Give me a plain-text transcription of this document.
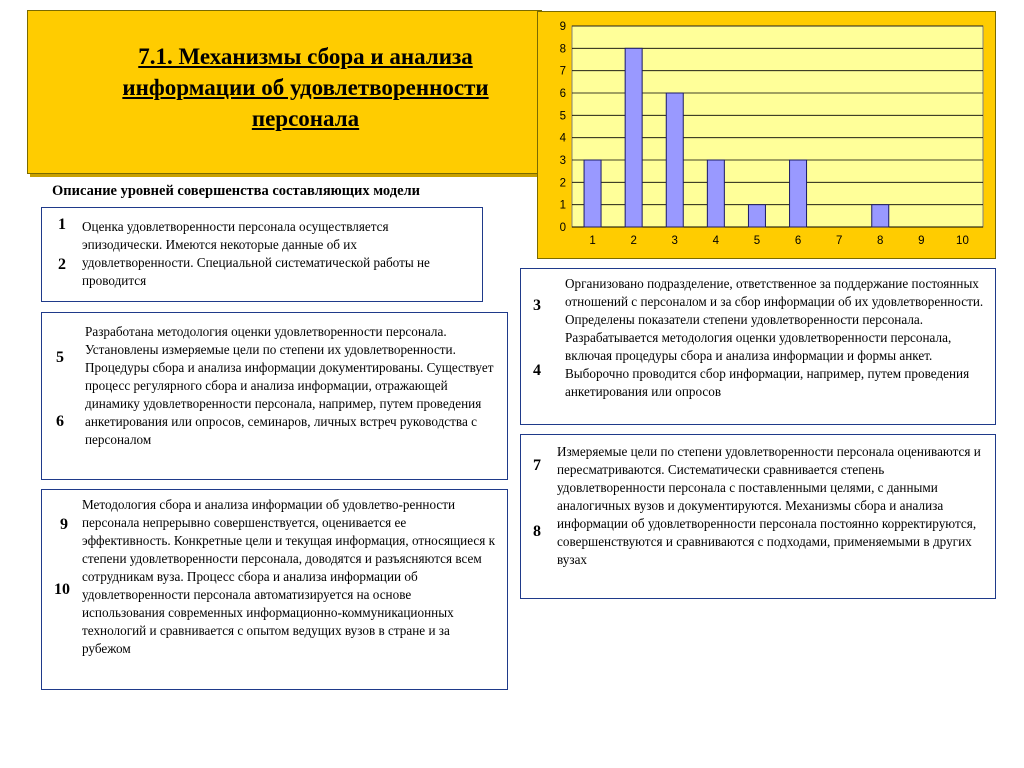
7.1. Механизмы сбора и анализа информации об удовлетворенности персонала
0
1
2
3
4
5
6
7
8
9
1	2	3	4	5	6	7	8	9	10
Описание уровней совершенства составляющих модели
1
2
Оценка удовлетворенности персонала осуществляется эпизодически. Имеются некоторые данные об их удовлетворенности. Специальной систематической работы не проводится
3
4
Организовано подразделение, ответственное за поддержание постоянных отношений с персоналом и за сбор информации об их удовлетворенности. Определены показатели степени удовлетворенности персонала. Разрабатывается методология оценки удовлетворенности персонала, включая процедуры сбора и анализа информации и формы анкет. Выборочно проводится сбор информации, например, путем проведения анкетирования или опросов
5
6
Разработана методология оценки удовлетворенности персонала. Установлены измеряемые цели по степени их удовлетворенности. Процедуры сбора и анализа информации документированы. Существует процесс регулярного сбора и анализа информации, отражающей динамику удовлетворенности персонала, например, путем проведения анкетирования или опросов, семинаров, личных встреч руководства с персоналом
7
8
Измеряемые цели по степени удовлетворенности персонала оцениваются и пересматриваются. Систематически сравнивается степень удовлетворенности персонала с поставленными целями, с данными аналогичных вузов и документируются. Механизмы сбора и анализа информации об удовлетворенности персонала постоянно корректируются, совершенствуются и сравниваются с подходами, применяемыми в других вузах
9
10
Методология сбора и анализа информации об удовлетво-ренности персонала непрерывно совершенствуется, оценивается ее эффективность. Конкретные цели и текущая информация, относящиеся к степени удовлетворенности персонала, доводятся и разъясняются всем сотрудникам вуза. Процесс сбора и анализа информации об удовлетворенности персонала автоматизируется на основе использования современных информационно-коммуникационных технологий и сравнивается с опытом ведущих вузов в стране и за рубежом
